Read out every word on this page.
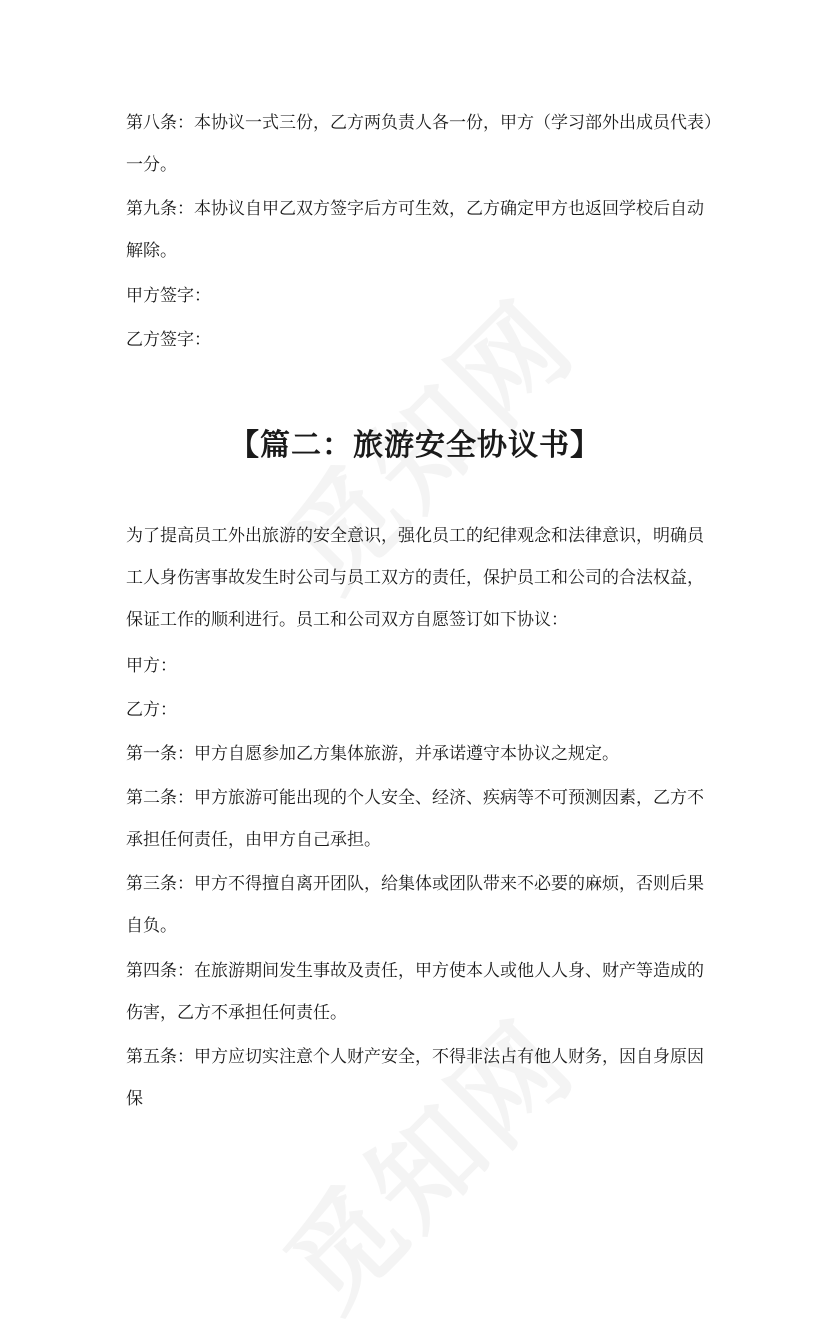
第八条：本协议一式三份，乙方两负责人各一份，甲方（学习部外出成员代表）一分。

第九条：本协议自甲乙双方签字后方可生效，乙方确定甲方也返回学校后自动解除。

甲方签字：

乙方签字：

【篇二：旅游安全协议书】

为了提高员工外出旅游的安全意识，强化员工的纪律观念和法律意识，明确员工人身伤害事故发生时公司与员工双方的责任，保护员工和公司的合法权益，保证工作的顺利进行。员工和公司双方自愿签订如下协议：

甲方：

乙方：

第一条：甲方自愿参加乙方集体旅游，并承诺遵守本协议之规定。

第二条：甲方旅游可能出现的个人安全、经济、疾病等不可预测因素，乙方不承担任何责任，由甲方自己承担。

第三条：甲方不得擅自离开团队，给集体或团队带来不必要的麻烦，否则后果自负。

第四条：在旅游期间发生事故及责任，甲方使本人或他人人身、财产等造成的伤害，乙方不承担任何责任。

第五条：甲方应切实注意个人财产安全，不得非法占有他人财务，因自身原因保
